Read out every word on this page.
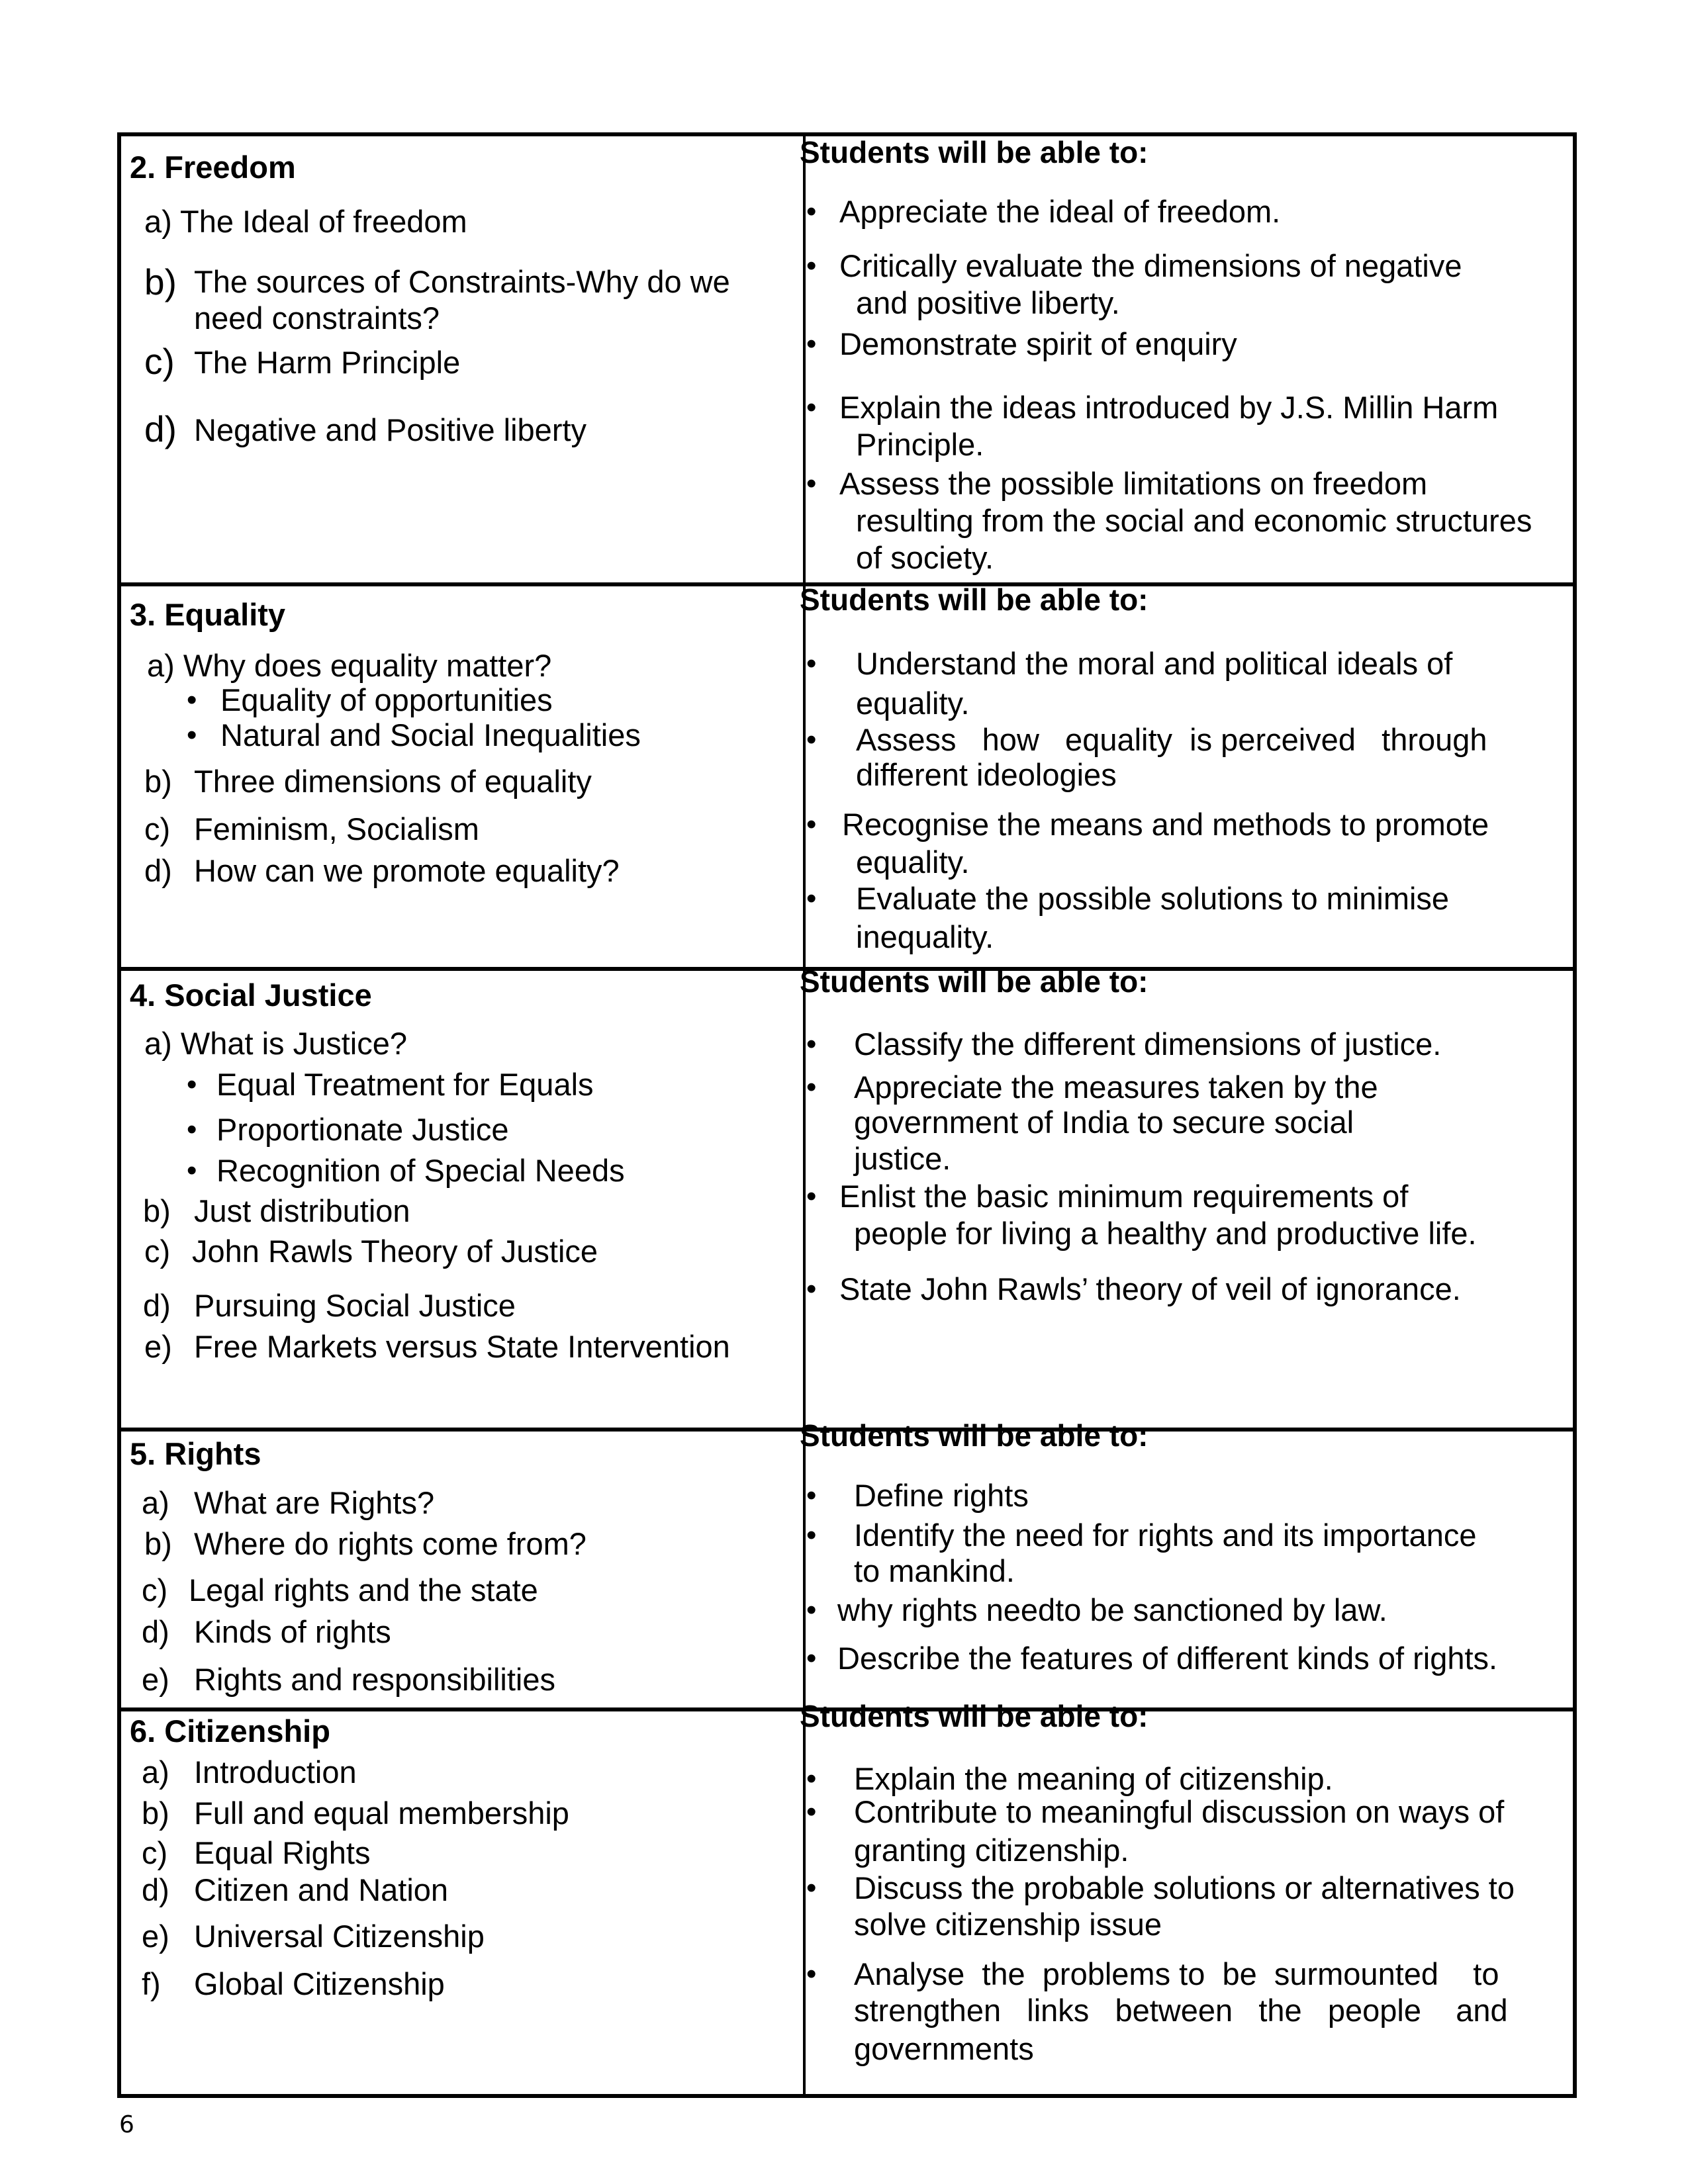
2. Freedom
a) The Ideal of freedom
b) The sources of Constraints-Why do we
need constraints?
c) The Harm Principle
d) Negative and Positive liberty
Students will be able to:
• Appreciate the ideal of freedom.
• Critically evaluate the dimensions of negative
and positive liberty.
• Demonstrate spirit of enquiry
• Explain the ideas introduced by J.S. Millin Harm
Principle.
• Assess the possible limitations on freedom
resulting from the social and economic structures
of society.
3. Equality
a) Why does equality matter?
• Equality of opportunities
• Natural and Social Inequalities
b) Three dimensions of equality
c) Feminism, Socialism
d) How can we promote equality?
Students will be able to:
• Understand the moral and political ideals of
equality.
• Assess   how   equality  is perceived   through
different ideologies
• Recognise the means and methods to promote
equality.
• Evaluate the possible solutions to minimise
inequality.
4. Social Justice
a) What is Justice?
• Equal Treatment for Equals
• Proportionate Justice
• Recognition of Special Needs
b) Just distribution
c) John Rawls Theory of Justice
d) Pursuing Social Justice
e) Free Markets versus State Intervention
Students will be able to:
• Classify the different dimensions of justice.
• Appreciate the measures taken by the
government of India to secure social
justice.
• Enlist the basic minimum requirements of
people for living a healthy and productive life.
• State John Rawls’ theory of veil of ignorance.
5. Rights
a) What are Rights?
b) Where do rights come from?
c) Legal rights and the state
d) Kinds of rights
e) Rights and responsibilities
Students will be able to:
• Define rights
• Identify the need for rights and its importance
to mankind.
• why rights needto be sanctioned by law.
• Describe the features of different kinds of rights.
6. Citizenship
a) Introduction
b) Full and equal membership
c) Equal Rights
d) Citizen and Nation
e) Universal Citizenship
f) Global Citizenship
Students will be able to:
• Explain the meaning of citizenship.
• Contribute to meaningful discussion on ways of
granting citizenship.
• Discuss the probable solutions or alternatives to
solve citizenship issue
• Analyse  the  problems to  be  surmounted    to
strengthen   links   between   the   people    and
governments
6
